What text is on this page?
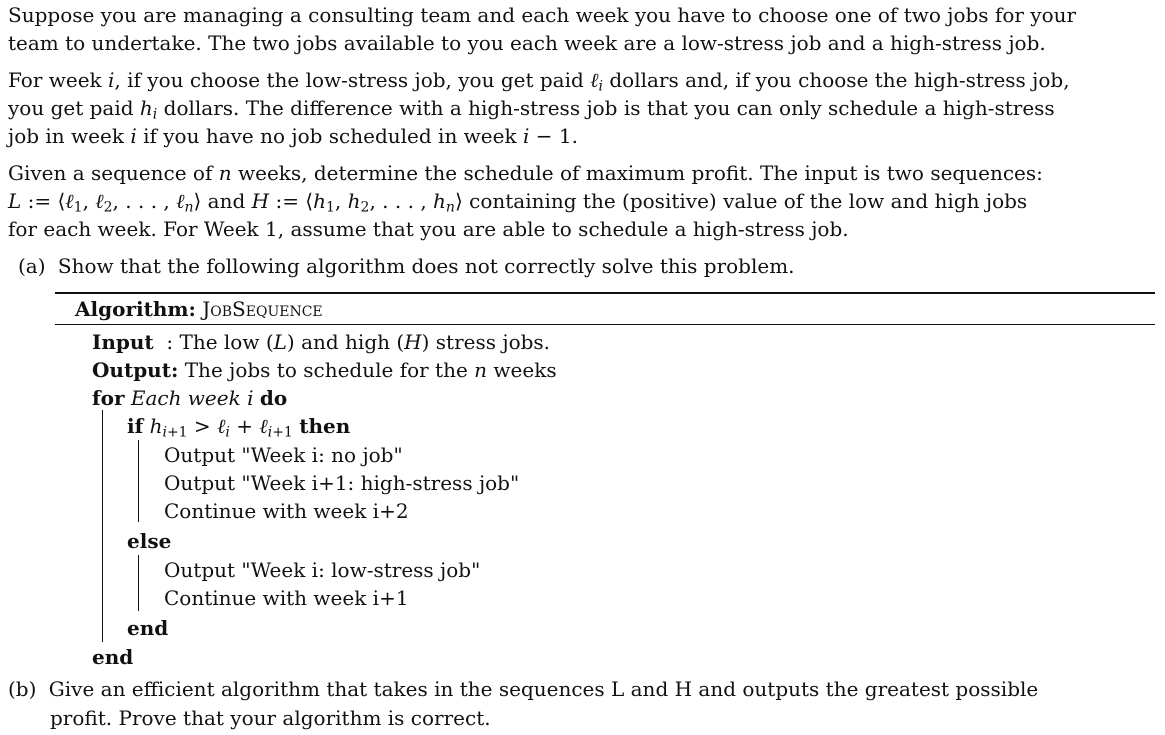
Suppose you are managing a consulting team and each week you have to choose one of two jobs for your
team to undertake. The two jobs available to you each week are a low-stress job and a high-stress job.
For week i, if you choose the low-stress job, you get paid ℓi dollars and, if you choose the high-stress job,
you get paid hi dollars. The difference with a high-stress job is that you can only schedule a high-stress
job in week i if you have no job scheduled in week i − 1.
Given a sequence of n weeks, determine the schedule of maximum profit. The input is two sequences:
L := ⟨ℓ$_1$, ℓ$_2$, . . . , ℓn⟩ and H := $⟨h_1$, $h_2$, . . . , hn⟩ containing the (positive) value of the low and high jobs
for each week. For Week 1, assume that you are able to schedule a high-stress job.
(a) Show that the following algorithm does not correctly solve this problem.
Algorithm: JobSequence
Input : The low (L) and high (H) stress jobs.
Output: The jobs to schedule for the n weeks
for Each week i do
if $hi_{+1}$ > ℓi + ℓi$_{+1}$ then
Output "Week i: no job"
Output "Week i+1: high-stress job"
Continue with week i+2
else
Output "Week i: low-stress job"
Continue with week i+1
end
end
(b) Give an efficient algorithm that takes in the sequences L and H and outputs the greatest possible
profit. Prove that your algorithm is correct.
